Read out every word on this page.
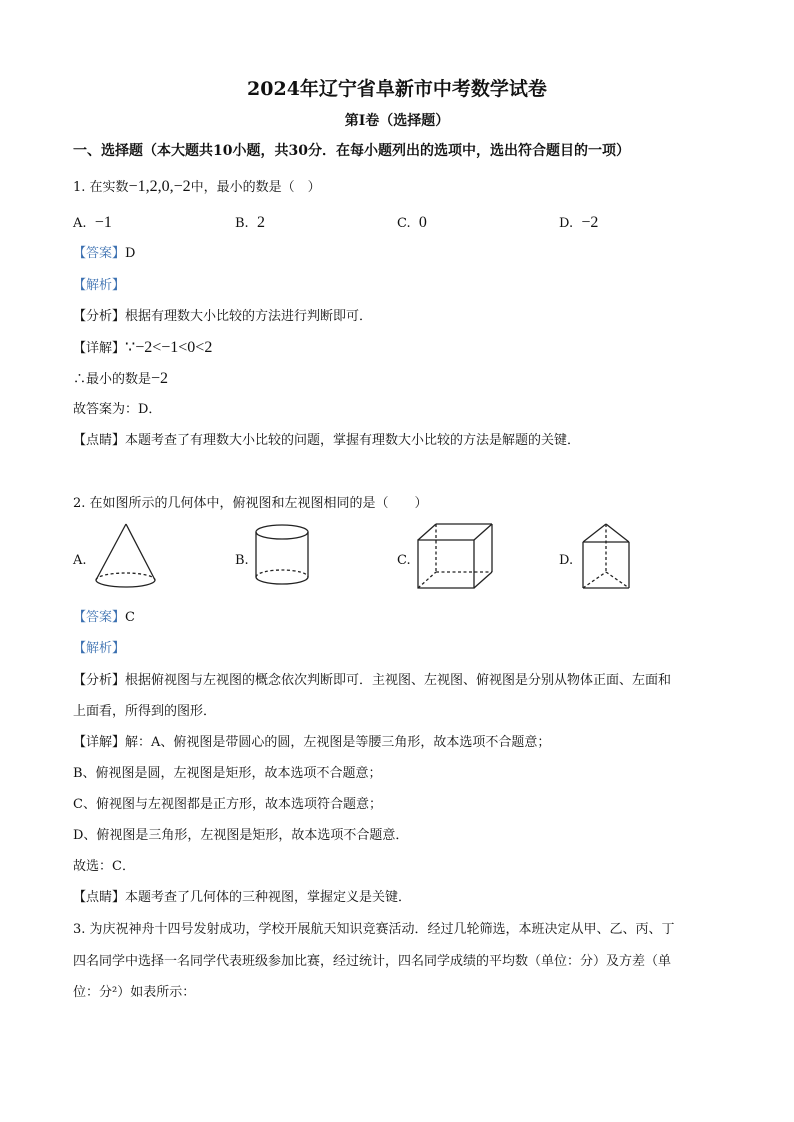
2024年辽宁省阜新市中考数学试卷
第Ⅰ卷（选择题）
一、选择题（本大题共10小题，共30分．在每小题列出的选项中，选出符合题目的一项）
1. 在实数−1,2,0,−2中，最小的数是（　）
A. −1	B. 2	C. 0	D. −2
【答案】D
【解析】
【分析】根据有理数大小比较的方法进行判断即可．
【详解】∵−2<−1<0<2
∴最小的数是−2
故答案为：D．
【点睛】本题考查了有理数大小比较的问题，掌握有理数大小比较的方法是解题的关键．
2. 在如图所示的几何体中，俯视图和左视图相同的是（　　）
A.	B.	C.	D.
【答案】C
【解析】
【分析】根据俯视图与左视图的概念依次判断即可．主视图、左视图、俯视图是分别从物体正面、左面和
上面看，所得到的图形．
【详解】解：A、俯视图是带圆心的圆，左视图是等腰三角形，故本选项不合题意；
B、俯视图是圆，左视图是矩形，故本选项不合题意；
C、俯视图与左视图都是正方形，故本选项符合题意；
D、俯视图是三角形，左视图是矩形，故本选项不合题意．
故选：C．
【点睛】本题考查了几何体的三种视图，掌握定义是关键．
3. 为庆祝神舟十四号发射成功，学校开展航天知识竞赛活动．经过几轮筛选，本班决定从甲、乙、丙、丁
四名同学中选择一名同学代表班级参加比赛，经过统计，四名同学成绩的平均数（单位：分）及方差（单
位：分²）如表所示：
